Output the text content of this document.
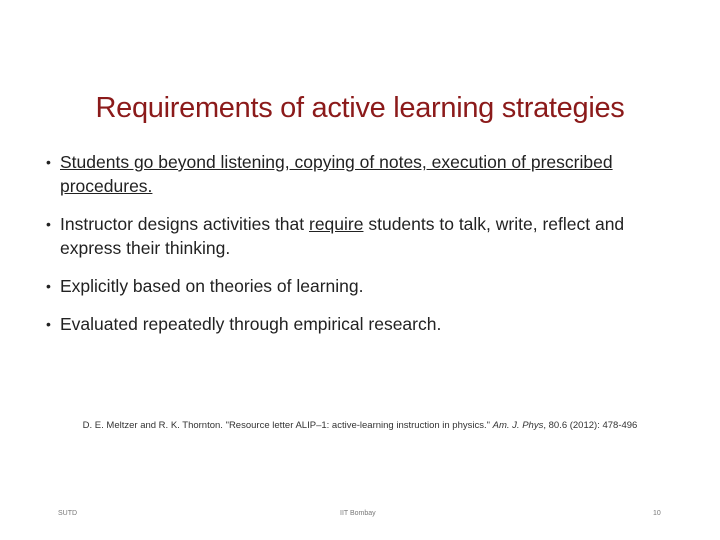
Requirements of active learning strategies
• Students go beyond listening, copying of notes, execution of prescribed procedures.
• Instructor designs activities that require students to talk, write, reflect and express their thinking.
• Explicitly based on theories of learning.
• Evaluated repeatedly through empirical research.
D. E. Meltzer and R. K. Thornton. "Resource letter ALIP–1: active-learning instruction in physics." Am. J. Phys, 80.6 (2012): 478-496
SUTD	IIT Bombay	10
